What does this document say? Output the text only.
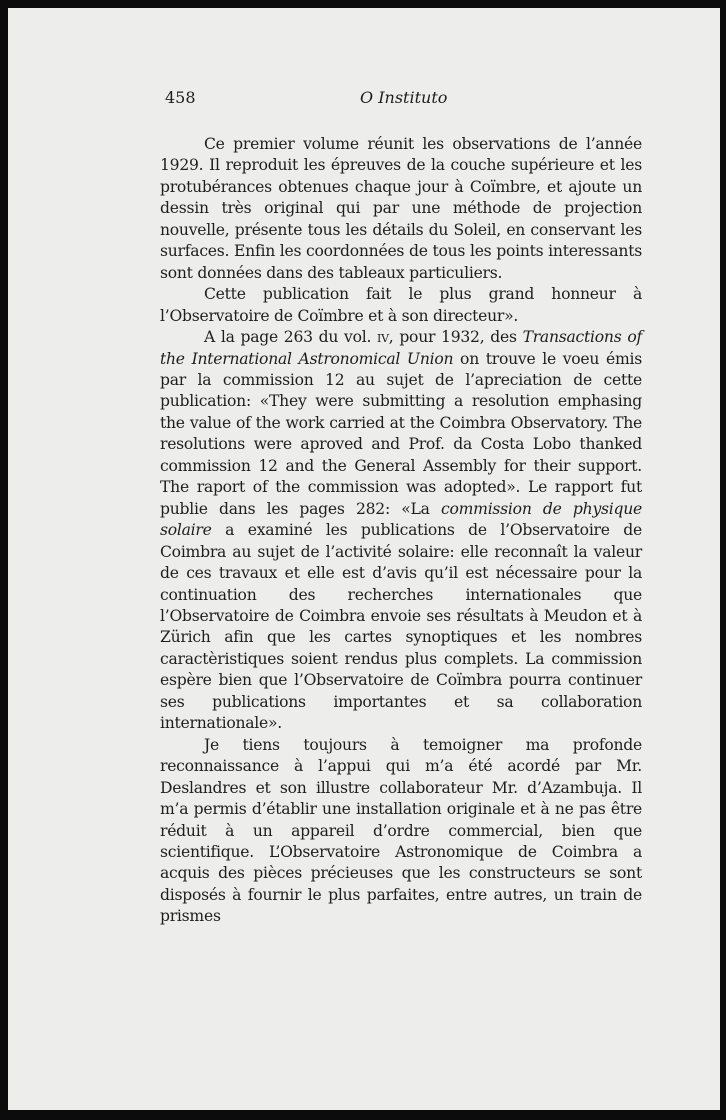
458	O Instituto

Ce premier volume réunit les observations de l’année 1929. Il reproduit les épreuves de la couche supérieure et les protubérances obtenues chaque jour à Coïmbre, et ajoute un dessin très original qui par une méthode de projection nouvelle, présente tous les détails du Soleil, en conservant les surfaces. Enfin les coordonnées de tous les points interessants sont données dans des tableaux particuliers.

Cette publication fait le plus grand honneur à l’Observatoire de Coïmbre et à son directeur».

A la page 263 du vol. iv, pour 1932, des Transactions of the International Astronomical Union on trouve le voeu émis par la commission 12 au sujet de l’apreciation de cette publication: «They were submitting a resolution emphasing the value of the work carried at the Coimbra Observatory. The resolutions were aproved and Prof. da Costa Lobo thanked commission 12 and the General Assembly for their support. The raport of the commission was adopted». Le rapport fut publie dans les pages 282: «La commission de physique solaire a examiné les publications de l’Observatoire de Coimbra au sujet de l’activité solaire: elle reconnaît la valeur de ces travaux et elle est d’avis qu’il est nécessaire pour la continuation des recherches internationales que l’Observatoire de Coimbra envoie ses résultats à Meudon et à Zürich afin que les cartes synoptiques et les nombres caractèristiques soient rendus plus complets. La commission espère bien que l’Observatoire de Coïmbra pourra continuer ses publications importantes et sa collaboration internationale».

Je tiens toujours à temoigner ma profonde reconnaissance à l’appui qui m’a été acordé par Mr. Deslandres et son illustre collaborateur Mr. d’Azambuja. Il m’a permis d’établir une installation originale et à ne pas être réduit à un appareil d’ordre commercial, bien que scientifique. L’Observatoire Astronomique de Coimbra a acquis des pièces précieuses que les constructeurs se sont disposés à fournir le plus parfaites, entre autres, un train de prismes
